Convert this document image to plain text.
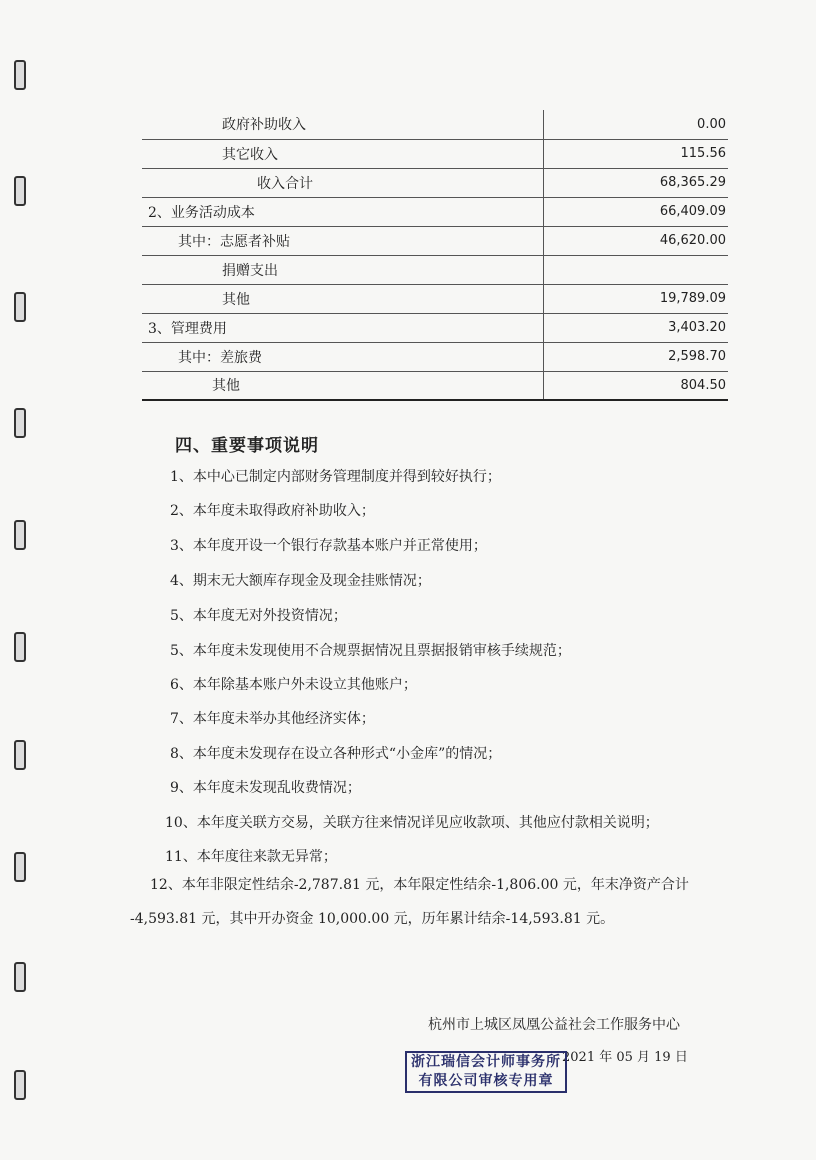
政府补助收入	0.00
其它收入	115.56
收入合计	68,365.29
2、业务活动成本	66,409.09
其中：志愿者补贴	46,620.00
捐赠支出	
其他	19,789.09
3、管理费用	3,403.20
其中：差旅费	2,598.70
其他	804.50
四、重要事项说明
1、本中心已制定内部财务管理制度并得到较好执行；
2、本年度未取得政府补助收入；
3、本年度开设一个银行存款基本账户并正常使用；
4、期末无大额库存现金及现金挂账情况；
5、本年度无对外投资情况；
5、本年度未发现使用不合规票据情况且票据报销审核手续规范；
6、本年除基本账户外未设立其他账户；
7、本年度未举办其他经济实体；
8、本年度未发现存在设立各种形式“小金库”的情况；
9、本年度未发现乱收费情况；
10、本年度关联方交易，关联方往来情况详见应收款项、其他应付款相关说明；
11、本年度往来款无异常；
12、本年非限定性结余-2,787.81 元，本年限定性结余-1,806.00 元，年末净资产合计
-4,593.81 元，其中开办资金 10,000.00 元，历年累计结余-14,593.81 元。
杭州市上城区凤凰公益社会工作服务中心
2021 年 05 月 19 日
浙江瑞信会计师事务所
有限公司审核专用章
